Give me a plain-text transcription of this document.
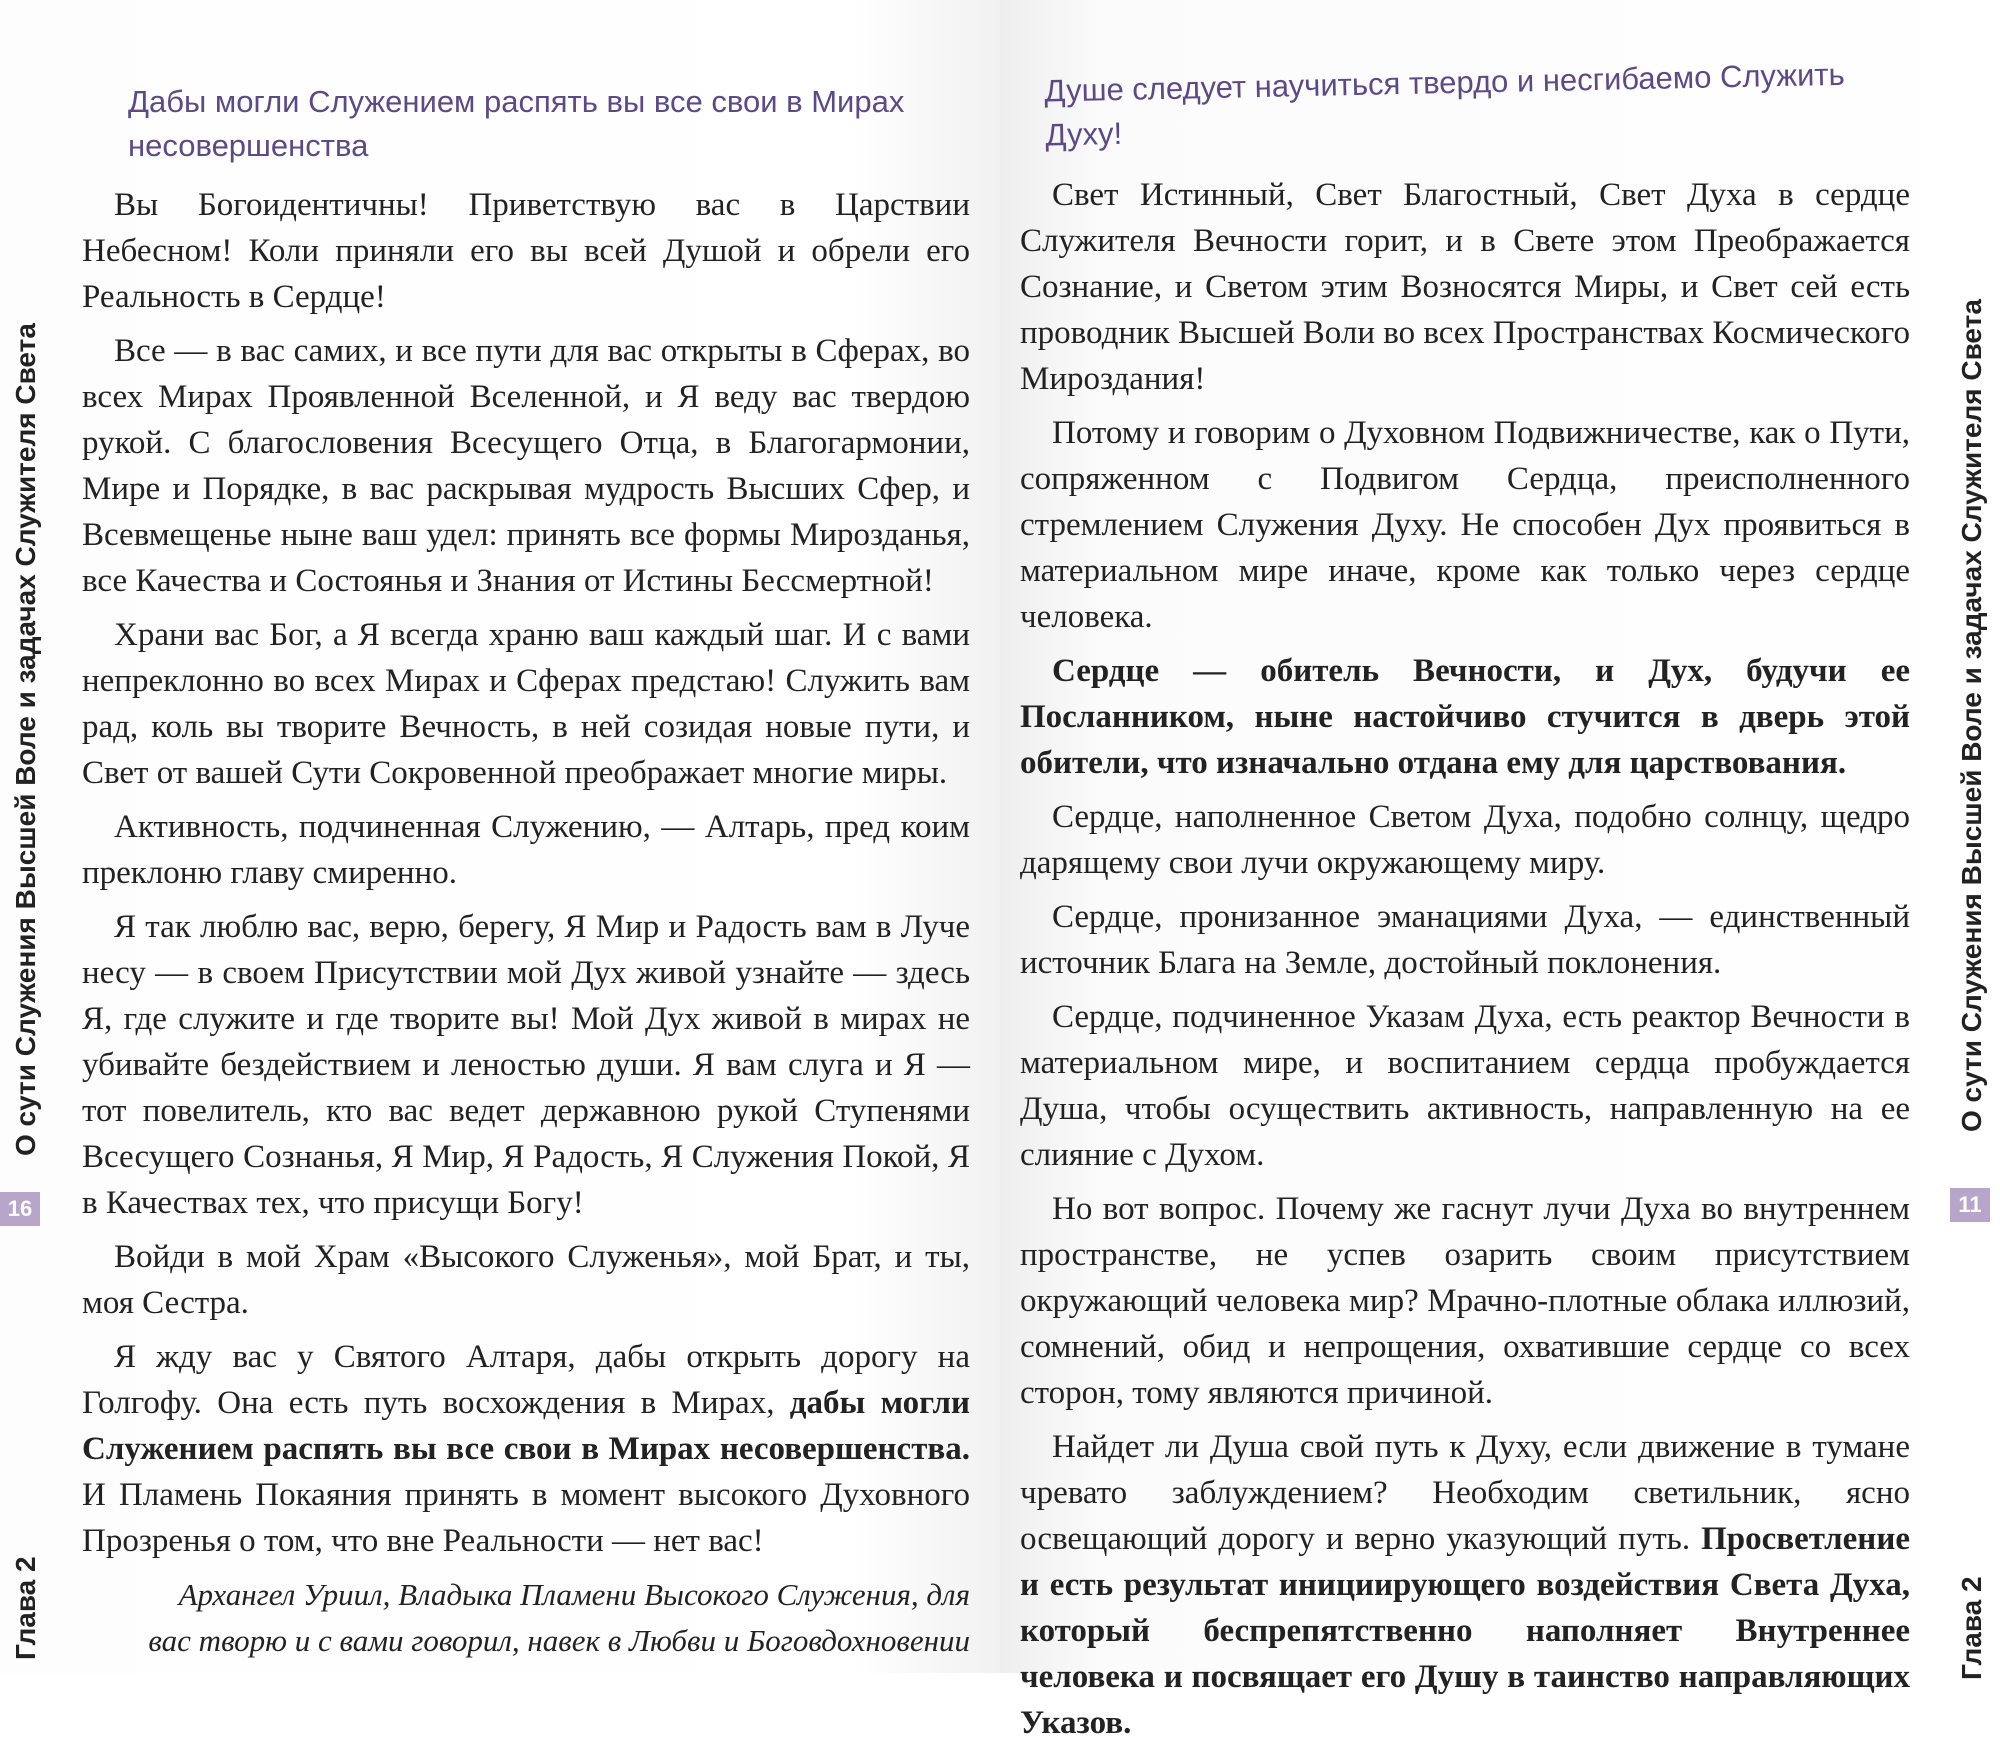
О сути Служения Высшей Воле и задачах Служителя Света
16
Глава 2
Дабы могли Служением распять вы все свои в Мирах несовершенства

Вы Богоидентичны! Приветствую вас в Царствии Небесном! Коли приняли его вы всей Душой и обрели его Реальность в Сердце!

Все — в вас самих, и все пути для вас открыты в Сферах, во всех Мирах Проявленной Вселенной, и Я веду вас твердою рукой. С благословения Всесущего Отца, в Благогармонии, Мире и Порядке, в вас раскрывая мудрость Высших Сфер, и Всевмещенье ныне ваш удел: принять все формы Мирозданья, все Качества и Состоянья и Знания от Истины Бессмертной!

Храни вас Бог, а Я всегда храню ваш каждый шаг. И с вами непреклонно во всех Мирах и Сферах предстаю! Служить вам рад, коль вы творите Вечность, в ней созидая новые пути, и Свет от вашей Сути Сокровенной преображает многие миры.

Активность, подчиненная Служению, — Алтарь, пред коим преклоню главу смиренно.

Я так люблю вас, верю, берегу, Я Мир и Радость вам в Луче несу — в своем Присутствии мой Дух живой узнайте — здесь Я, где служите и где творите вы! Мой Дух живой в мирах не убивайте бездействием и леностью души. Я вам слуга и Я — тот повелитель, кто вас ведет державною рукой Ступенями Всесущего Сознанья, Я Мир, Я Радость, Я Служения Покой, Я в Качествах тех, что присущи Богу!

Войди в мой Храм «Высокого Служенья», мой Брат, и ты, моя Сестра.

Я жду вас у Святого Алтаря, дабы открыть дорогу на Голгофу. Она есть путь восхождения в Мирах, дабы могли Служением распять вы все свои в Мирах несовершенства. И Пламень Покаяния принять в момент высокого Духовного Прозренья о том, что вне Реальности — нет вас!

Архангел Уриил, Владыка Пламени Высокого Служения, для вас творю и с вами говорил, навек в Любви и Боговдохновении

Душе следует научиться твердо и несгибаемо Служить Духу!

Свет Истинный, Свет Благостный, Свет Духа в сердце Служителя Вечности горит, и в Свете этом Преображается Сознание, и Светом этим Возносятся Миры, и Свет сей есть проводник Высшей Воли во всех Пространствах Космического Мироздания!

Потому и говорим о Духовном Подвижничестве, как о Пути, сопряженном с Подвигом Сердца, преисполненного стремлением Служения Духу. Не способен Дух проявиться в материальном мире иначе, кроме как только через сердце человека.

Сердце — обитель Вечности, и Дух, будучи ее Посланником, ныне настойчиво стучится в дверь этой обители, что изначально отдана ему для царствования.

Сердце, наполненное Светом Духа, подобно солнцу, щедро дарящему свои лучи окружающему миру.

Сердце, пронизанное эманациями Духа, — единственный источник Блага на Земле, достойный поклонения.

Сердце, подчиненное Указам Духа, есть реактор Вечности в материальном мире, и воспитанием сердца пробуждается Душа, чтобы осуществить активность, направленную на ее слияние с Духом.

Но вот вопрос. Почему же гаснут лучи Духа во внутреннем пространстве, не успев озарить своим присутствием окружающий человека мир? Мрачно-плотные облака иллюзий, сомнений, обид и непрощения, охватившие сердце со всех сторон, тому являются причиной.

Найдет ли Душа свой путь к Духу, если движение в тумане чревато заблуждением? Необходим светильник, ясно освещающий дорогу и верно указующий путь. Просветление и есть результат инициирующего воздействия Света Духа, который беспрепятственно наполняет Внутреннее человека и посвящает его Душу в таинство направляющих Указов.

О сути Служения Высшей Воле и задачах Служителя Света
11
Глава 2
